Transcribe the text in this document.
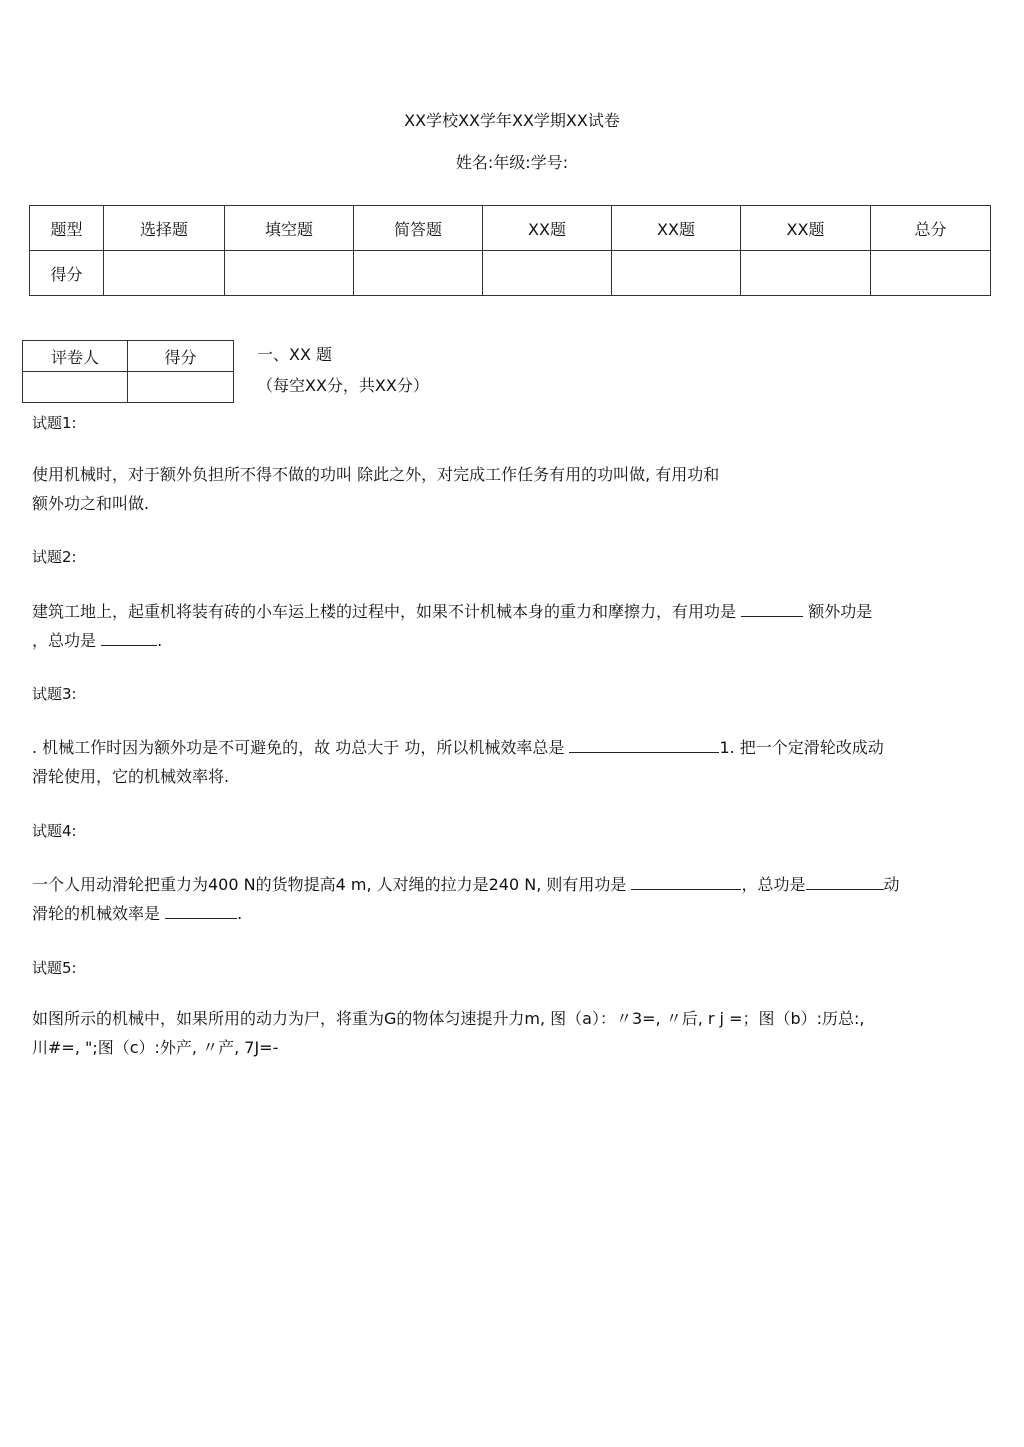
XX学校XX学年XX学期XX试卷
姓名:年级:学号:
题型	选择题	填空题	简答题	XX题	XX题	XX题	总分
得分							
评卷人	得分
		一、XX 题
（每空XX分，共XX分）
试题1:
使用机械时，对于额外负担所不得不做的功叫 除此之外，对完成工作任务有用的功叫做, 有用功和
额外功之和叫做.
试题2:
建筑工地上，起重机将装有砖的小车运上楼的过程中，如果不计机械本身的重力和摩擦力，有用功是	额外功是
，总功是	.
试题3:
. 机械工作时因为额外功是不可避免的，故 功总大于 功，所以机械效率总是	1. 把一个定滑轮改成动
滑轮使用，它的机械效率将.
试题4:
一个人用动滑轮把重力为400 N的货物提高4 m, 人对绳的拉力是240 N, 则有用功是	，总功是	动
滑轮的机械效率是	.
试题5:
如图所示的机械中，如果所用的动力为尸，将重为G的物体匀速提升力m, 图（a）：〃3=, 〃后, r j =；图（b）:历总:,
川#=, ";图（c）:外产, 〃产, 7J=-
